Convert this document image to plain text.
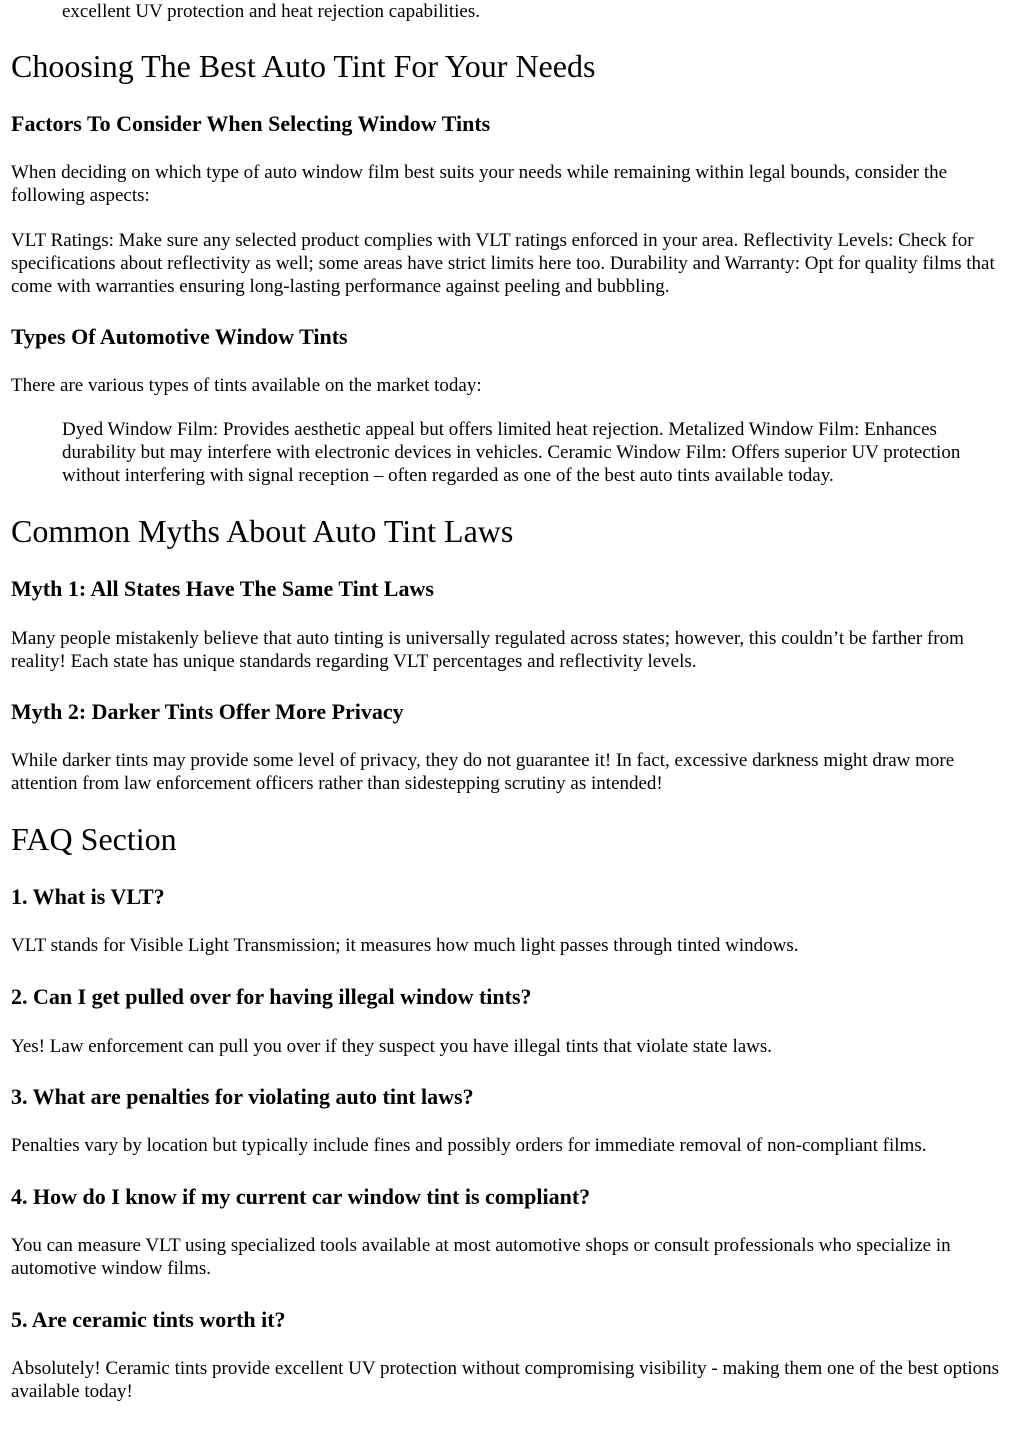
excellent UV protection and heat rejection capabilities.

Choosing The Best Auto Tint For Your Needs
Factors To Consider When Selecting Window Tints

When deciding on which type of auto window film best suits your needs while remaining within legal bounds, consider the following aspects:

VLT Ratings: Make sure any selected product complies with VLT ratings enforced in your area. Reflectivity Levels: Check for specifications about reflectivity as well; some areas have strict limits here too. Durability and Warranty: Opt for quality films that come with warranties ensuring long-lasting performance against peeling and bubbling.

Types Of Automotive Window Tints

There are various types of tints available on the market today:

Dyed Window Film: Provides aesthetic appeal but offers limited heat rejection. Metalized Window Film: Enhances durability but may interfere with electronic devices in vehicles. Ceramic Window Film: Offers superior UV protection without interfering with signal reception – often regarded as one of the best auto tints available today.

Common Myths About Auto Tint Laws
Myth 1: All States Have The Same Tint Laws

Many people mistakenly believe that auto tinting is universally regulated across states; however, this couldn’t be farther from reality! Each state has unique standards regarding VLT percentages and reflectivity levels.

Myth 2: Darker Tints Offer More Privacy

While darker tints may provide some level of privacy, they do not guarantee it! In fact, excessive darkness might draw more attention from law enforcement officers rather than sidestepping scrutiny as intended!

FAQ Section
1. What is VLT?

VLT stands for Visible Light Transmission; it measures how much light passes through tinted windows.

2. Can I get pulled over for having illegal window tints?

Yes! Law enforcement can pull you over if they suspect you have illegal tints that violate state laws.

3. What are penalties for violating auto tint laws?

Penalties vary by location but typically include fines and possibly orders for immediate removal of non-compliant films.

4. How do I know if my current car window tint is compliant?

You can measure VLT using specialized tools available at most automotive shops or consult professionals who specialize in automotive window films.

5. Are ceramic tints worth it?

Absolutely! Ceramic tints provide excellent UV protection without compromising visibility - making them one of the best options available today!
